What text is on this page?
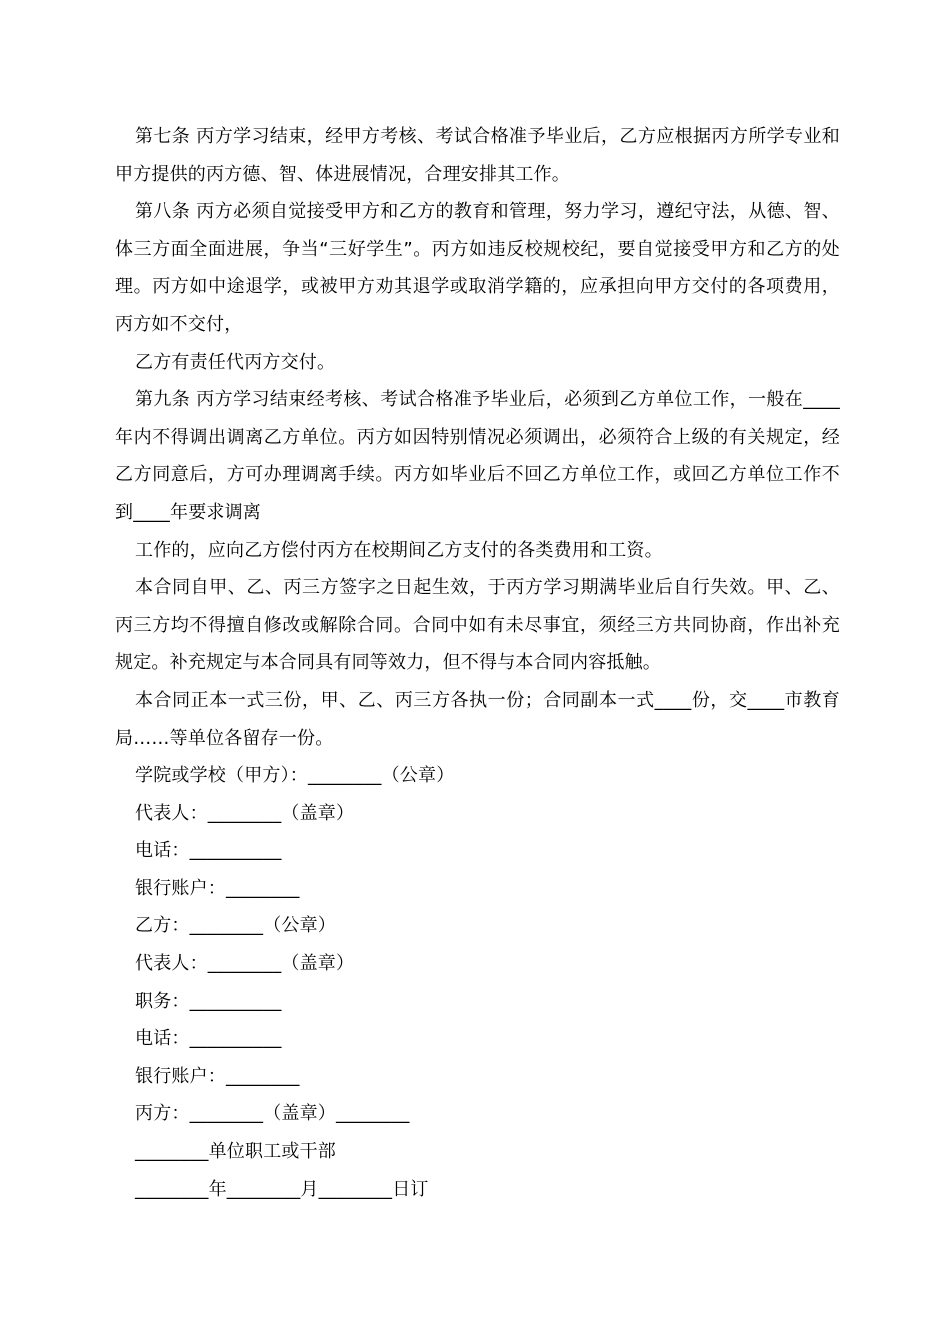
第七条 丙方学习结束，经甲方考核、考试合格准予毕业后，乙方应根据丙方所学专业和甲方提供的丙方德、智、体进展情况，合理安排其工作。

第八条 丙方必须自觉接受甲方和乙方的教育和管理，努力学习，遵纪守法，从德、智、体三方面全面进展，争当“三好学生”。丙方如违反校规校纪，要自觉接受甲方和乙方的处理。丙方如中途退学，或被甲方劝其退学或取消学籍的，应承担向甲方交付的各项费用，丙方如不交付，

乙方有责任代丙方交付。

第九条 丙方学习结束经考核、考试合格准予毕业后，必须到乙方单位工作，一般在____年内不得调出调离乙方单位。丙方如因特别情况必须调出，必须符合上级的有关规定，经乙方同意后，方可办理调离手续。丙方如毕业后不回乙方单位工作，或回乙方单位工作不到____年要求调离

工作的，应向乙方偿付丙方在校期间乙方支付的各类费用和工资。

本合同自甲、乙、丙三方签字之日起生效，于丙方学习期满毕业后自行失效。甲、乙、丙三方均不得擅自修改或解除合同。合同中如有未尽事宜，须经三方共同协商，作出补充规定。补充规定与本合同具有同等效力，但不得与本合同内容抵触。

本合同正本一式三份，甲、乙、丙三方各执一份；合同副本一式____份，交____市教育局……等单位各留存一份。

学院或学校（甲方）：________（公章）

代表人：________（盖章）

电话：__________

银行账户：________

乙方：________（公章）

代表人：________（盖章）

职务：__________

电话：__________

银行账户：________

丙方：________（盖章）________

________单位职工或干部

________年________月________日订
